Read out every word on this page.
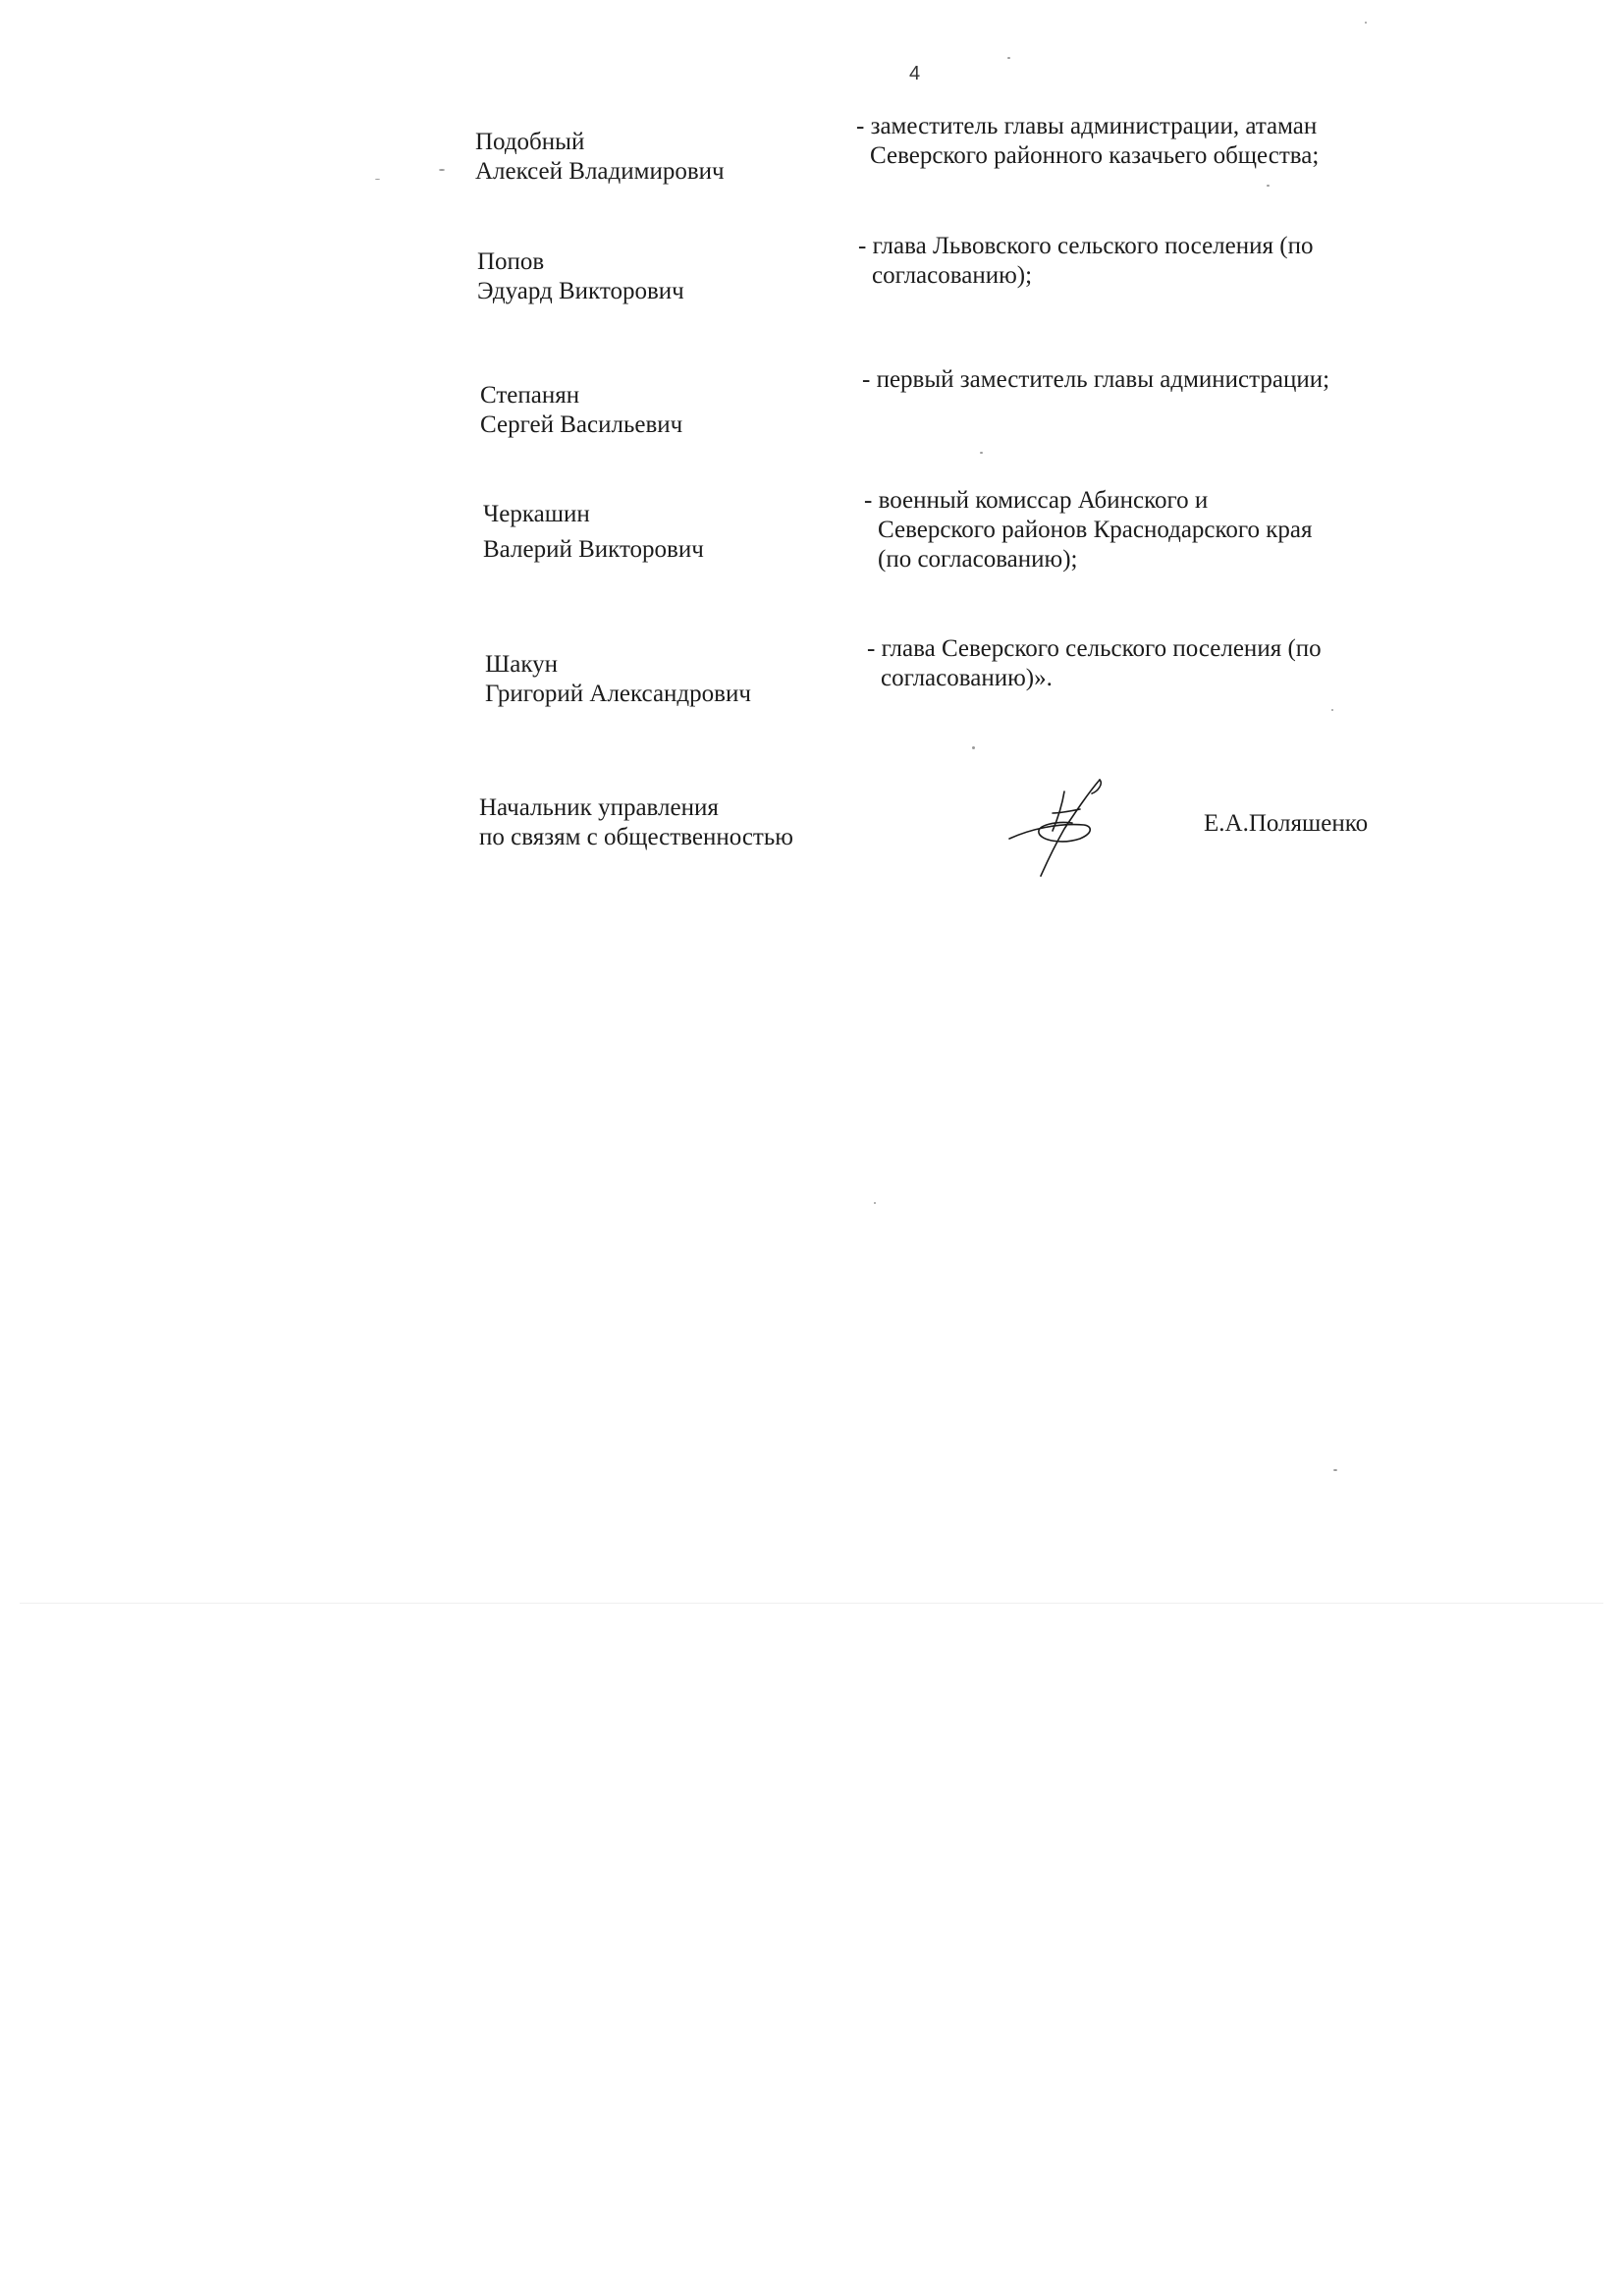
4
Подобный
Алексей Владимирович
- заместитель главы администрации, атаман
Северского районного казачьего общества;
Попов
Эдуард Викторович
- глава Львовского сельского поселения (по
согласованию);
Степанян
Сергей Васильевич
- первый заместитель главы администрации;
Черкашин
Валерий Викторович
- военный комиссар Абинского и
Северского районов Краснодарского края
(по согласованию);
Шакун
Григорий Александрович
- глава Северского сельского поселения (по
согласованию)».
Начальник управления
по связям с общественностью
Е.А.Поляшенко
